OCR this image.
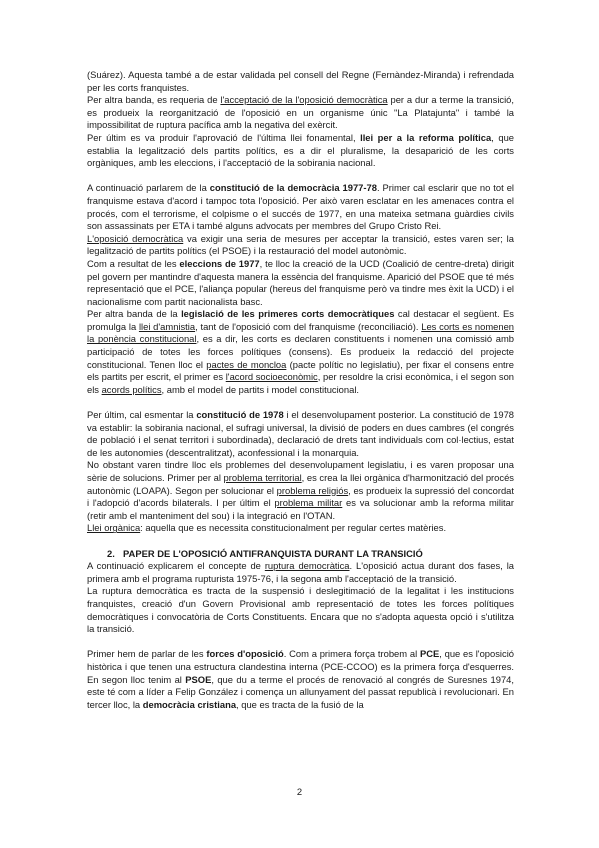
(Suárez). Aquesta també a de estar validada pel consell del Regne (Fernàndez-Miranda) i refrendada per les corts franquistes.

Per altra banda, es requeria de l'acceptació de la l'oposició democràtica per a dur a terme la transició, es produeix la reorganització de l'oposició en un organisme únic "La Platajunta" i també la impossibilitat de ruptura pacífica amb la negativa del exèrcit.

Per últim es va produir l'aprovació de l'última llei fonamental, llei per a la reforma política, que establia la legalització dels partits polítics, es a dir el pluralisme, la desaparició de les corts orgàniques, amb les eleccions, i l'acceptació de la sobirania nacional.

A continuació parlarem de la constitució de la democràcia 1977-78. Primer cal esclarir que no tot el franquisme estava d'acord i tampoc tota l'oposició. Per això varen esclatar en les amenaces contra el procés, com el terrorisme, el colpisme o el succés de 1977, en una mateixa setmana guàrdies civils son assassinats per ETA i també alguns advocats per membres del Grupo Cristo Rei.

L'oposició democràtica va exigir una seria de mesures per acceptar la transició, estes varen ser; la legalització de partits polítics (el PSOE) i la restauració del model autonòmic.

Com a resultat de les eleccions de 1977, te lloc la creació de la UCD (Coalició de centre-dreta) dirigit pel govern per mantindre d'aquesta manera la essència del franquisme. Aparició del PSOE que té més representació que el PCE, l'aliança popular (hereus del franquisme però va tindre mes èxit la UCD) i el nacionalisme com partit nacionalista basc.

Per altra banda de la legislació de les primeres corts democràtiques cal destacar el següent. Es promulga la llei d'amnistia, tant de l'oposició com del franquisme (reconciliació). Les corts es nomenen la ponència constitucional, es a dir, les corts es declaren constituents i nomenen una comissió amb participació de totes les forces polítiques (consens). Es produeix la redacció del projecte constitucional. Tenen lloc el pactes de moncloa (pacte polític no legislatiu), per fixar el consens entre els partits per escrit, el primer es l'acord socioeconòmic, per resoldre la crisi econòmica, i el segon son els acords polítics, amb el model de partits i model constitucional.

Per últim, cal esmentar la constitució de 1978 i el desenvolupament posterior. La constitució de 1978 va establir: la sobirania nacional, el sufragi universal, la divisió de poders en dues cambres (el congrés de població i el senat territori i subordinada), declaració de drets tant individuals com col·lectius, estat de les autonomies (descentralitzat), aconfessional i la monarquia.

No obstant varen tindre lloc els problemes del desenvolupament legislatiu, i es varen proposar una sèrie de solucions. Primer per al problema territorial, es crea la llei orgànica d'harmonització del procés autonòmic (LOAPA). Segon per solucionar el problema religiós, es produeix la supressió del concordat i l'adopció d'acords bilaterals. I per últim el problema militar es va solucionar amb la reforma militar (retir amb el manteniment del sou) i la integració en l'OTAN.

Llei orgànica: aquella que es necessita constitucionalment per regular certes matèries.

2. PAPER DE L'OPOSICIÓ ANTIFRANQUISTA DURANT LA TRANSICIÓ

A continuació explicarem el concepte de ruptura democràtica. L'oposició actua durant dos fases, la primera amb el programa rupturista 1975-76, i la segona amb l'acceptació de la transició.

La ruptura democràtica es tracta de la suspensió i deslegitimació de la legalitat i les institucions franquistes, creació d'un Govern Provisional amb representació de totes les forces polítiques democràtiques i convocatòria de Corts Constituents. Encara que no s'adopta aquesta opció i s'utilitza la transició.

Primer hem de parlar de les forces d'oposició. Com a primera força trobem al PCE, que es l'oposició històrica i que tenen una estructura clandestina interna (PCE-CCOO) es la primera força d'esquerres. En segon lloc tenim al PSOE, que du a terme el procés de renovació al congrés de Suresnes 1974, este té com a líder a Felip González i comença un allunyament del passat republicà i revolucionari. En tercer lloc, la democràcia cristiana, que es tracta de la fusió de la

2
